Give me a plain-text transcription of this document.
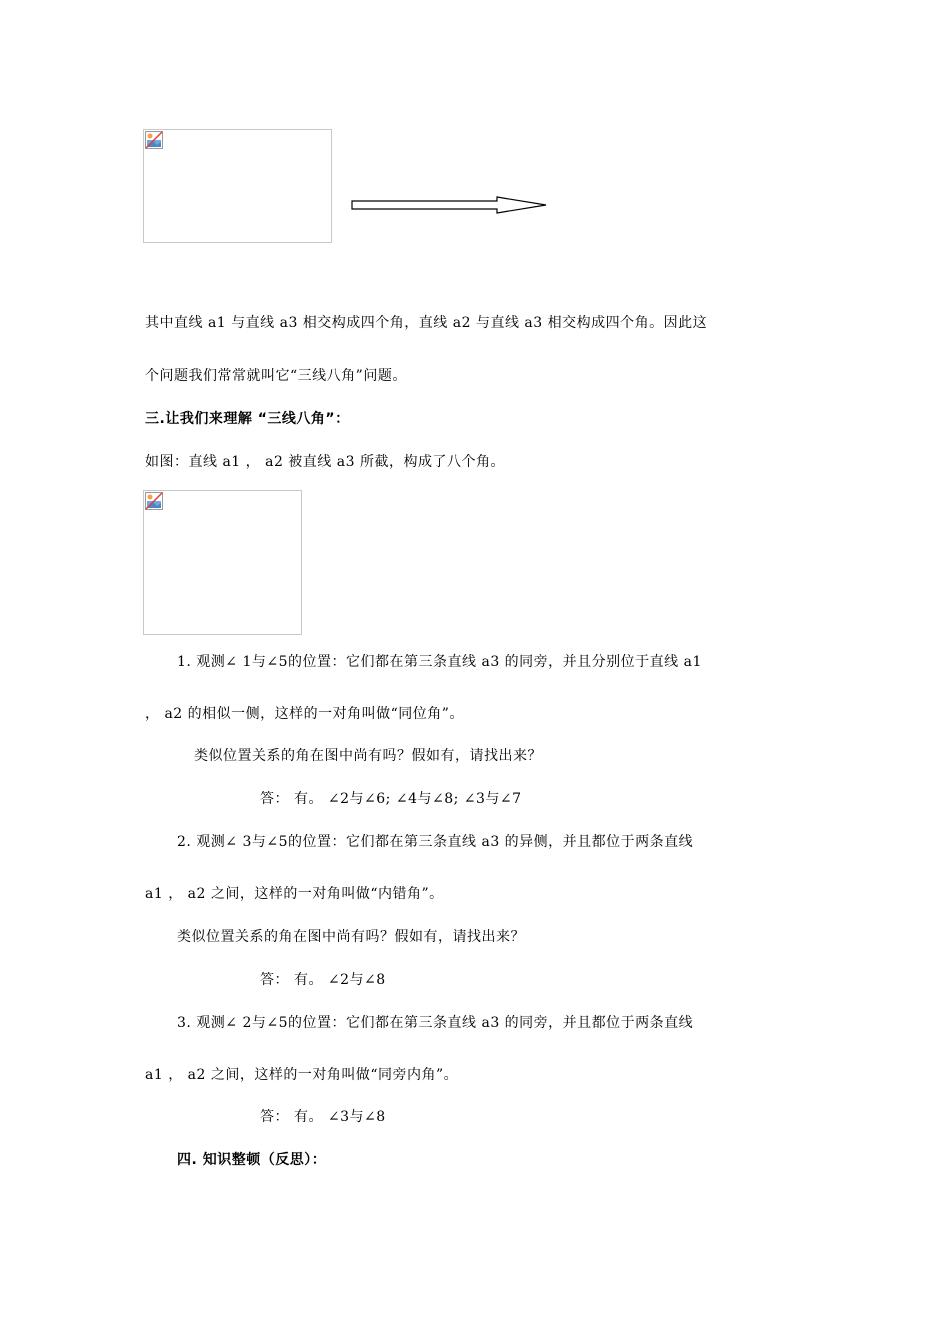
其中直线 a1 与直线 a3 相交构成四个角，直线 a2 与直线 a3 相交构成四个角。因此这
个问题我们常常就叫它“三线八角”问题。
三.让我们来理解 “三线八角”：
如图：直线 a1 ， a2 被直线 a3 所截，构成了八个角。
1. 观测∠ 1与∠5的位置：它们都在第三条直线 a3 的同旁，并且分别位于直线 a1
， a2 的相似一侧，这样的一对角叫做“同位角”。
类似位置关系的角在图中尚有吗？假如有，请找出来？
答： 有。 ∠2与∠6; ∠4与∠8; ∠3与∠7
2. 观测∠ 3与∠5的位置：它们都在第三条直线 a3 的异侧，并且都位于两条直线
a1 ， a2 之间，这样的一对角叫做“内错角”。
类似位置关系的角在图中尚有吗？假如有，请找出来？
答： 有。 ∠2与∠8
3. 观测∠ 2与∠5的位置：它们都在第三条直线 a3 的同旁，并且都位于两条直线
a1 ， a2 之间，这样的一对角叫做“同旁内角”。
答： 有。 ∠3与∠8
四. 知识整顿（反思）：
